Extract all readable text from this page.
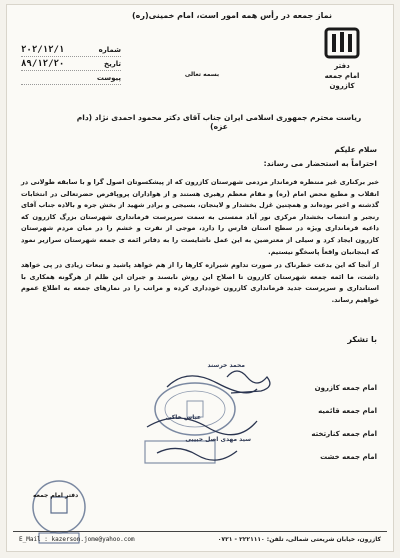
نماز جمعه در رأس همه امور است، امام خمینی(ره)
دفتر
امام جمعه
کازرون
بسمه تعالی
شماره
۲۰۲/۱۲/۱
تاریخ
۸۹/۱۲/۲۰
پیوست
ریاست محترم جمهوری اسلامی ایران جناب آقای دکتر محمود احمدی نژاد (دام عزه)
سلام علیکم
احتراماً به استحضار می رساند:

خبر برکناری غیر منتظره فرماندار مردمی شهرستان کازرون که از پیشکسوتان اصول گرا و با سابقه طولانی در انقلاب و مطیع محض امام (ره) و مقام معظم رهبری هستند و از هواداران پروپاقرص حضرتعالی در انتخابات گذشته و اخیر بوده‌اند و همچنین غزل بخشدار و لاینجان، بسیجی و برادر شهید از بخش جره و بالاده جناب آقای رنجبر و انتصاب بخشدار مرکزی نور آباد ممسنی به سمت سرپرست فرمانداری شهرستان بزرگ کازرون که داعیه فرمانداری ویژه در سطح استان فارس را دارد، موجی از نفرت و خشم را در میان مردم شهرستان کازرون ایجاد کرد و سیلی از معترضین به این عمل ناشایست را به دفاتر ائمه ی جمعه شهرستان سرازیر نمود که اینجانبان واقعاً پاسخگو نیستیم.

از آنجا که این بدعت خطرناک در صورت تداوم شیرازه کارها را از هم خواهد پاشید و تبعات زیادی در پی خواهد داشت، ما ائمه جمعه شهرستان کازرون تا اصلاح این روش نابسند و جبران این ظلم از هرگونه همکاری با استانداری و سرپرست جدید فرمانداری کازرون خودداری کرده و مراتب را در نمازهای جمعه به اطلاع عموم خواهیم رساند.

با تشکر
امام جمعه کازرون
امام جمعه قائمیه
امام جمعه کنارتخته
امام جمعه خشت
محمد خرسند
عباس خاکی
سید مهدی اصل حبیبی
دفتر امام جمعه
E_Mail : kazerson.jome@yahoo.com	کازرون، خیابان شریعتی شمالی، تلفن: ۲۲۲۱۱۱۰ - ۰۷۲۱
